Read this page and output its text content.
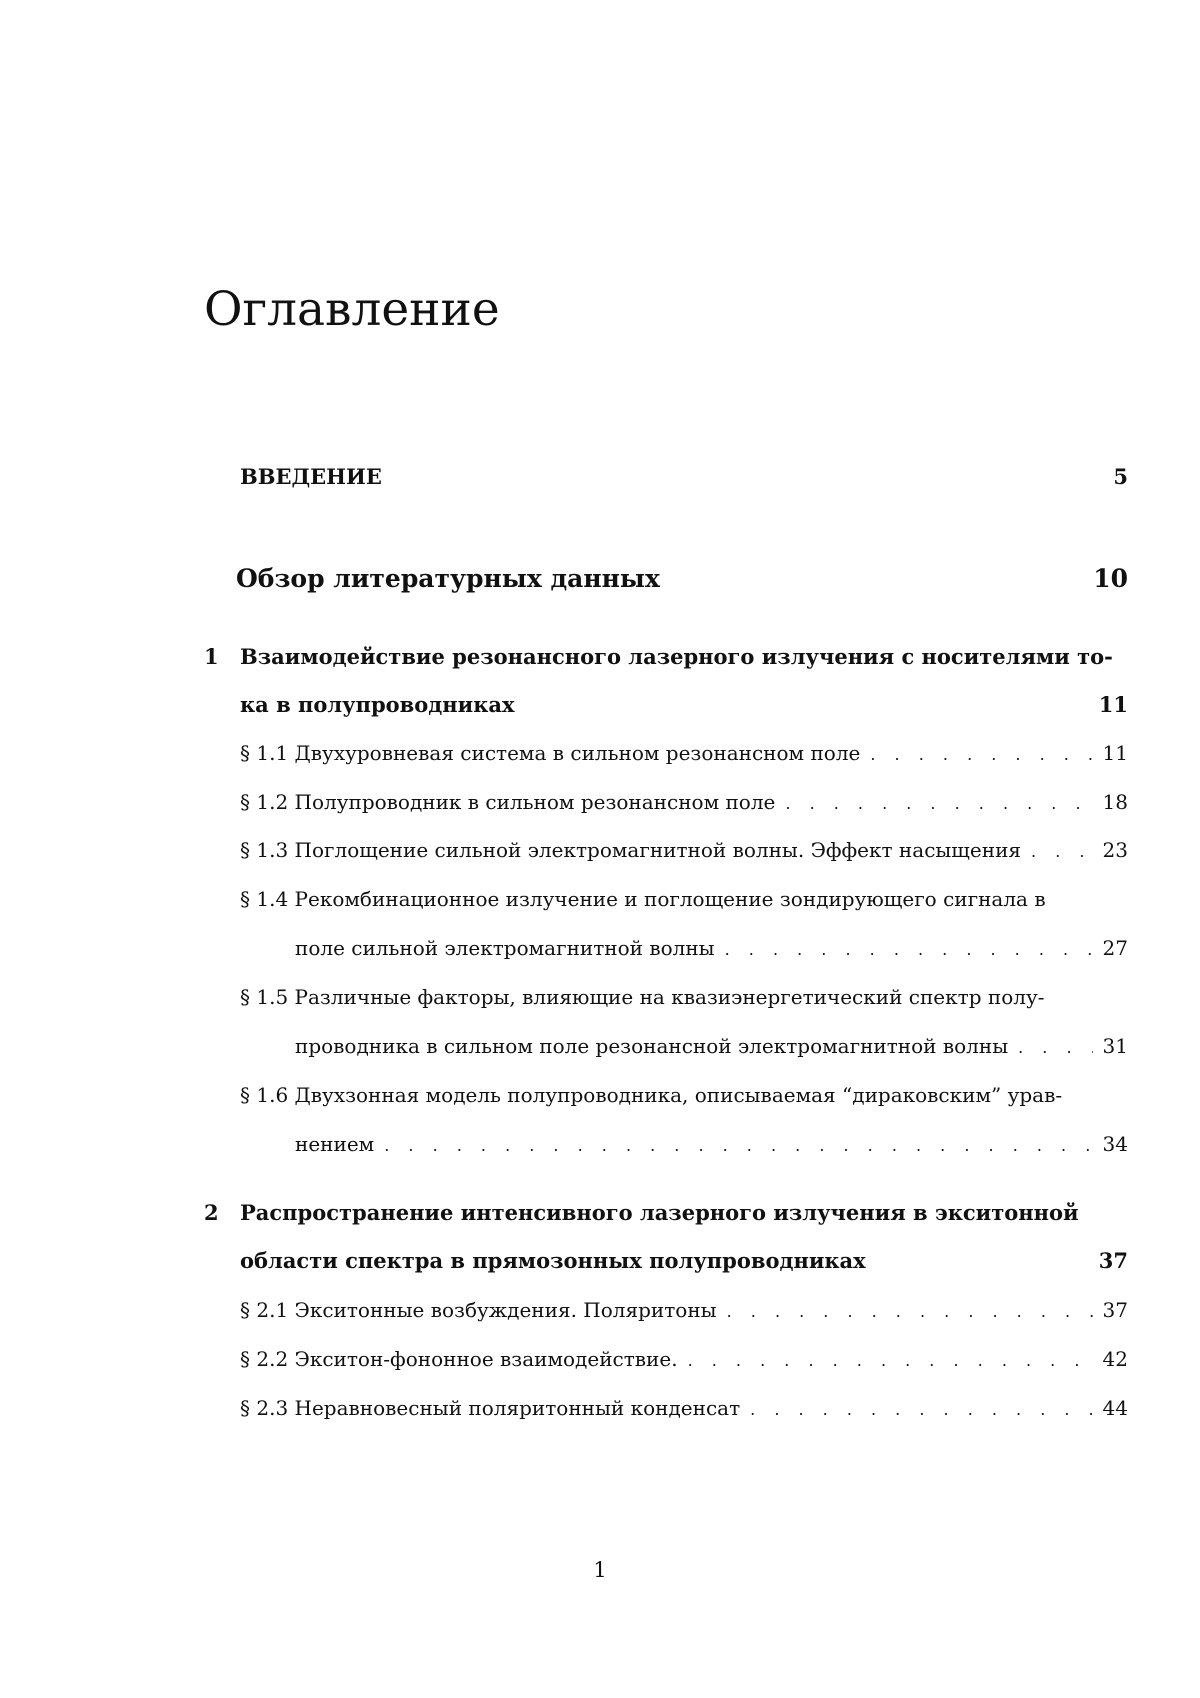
Оглавление
ВВЕДЕНИЕ	5
Обзор литературных данных	10
1 Взаимодействие резонансного лазерного излучения с носителями то-
ка в полупроводниках	11
§ 1.1 Двухуровневая система в сильном резонансном поле . . .	11
§ 1.2 Полупроводник в сильном резонансном поле . . .	18
§ 1.3 Поглощение сильной электромагнитной волны. Эффект насыщения . . .	23
§ 1.4 Рекомбинационное излучение и поглощение зондирующего сигнала в
поле сильной электромагнитной волны . . .	27
§ 1.5 Различные факторы, влияющие на квазиэнергетический спектр полу-
проводника в сильном поле резонансной электромагнитной волны . . .	31
§ 1.6 Двухзонная модель полупроводника, описываемая “дираковским” урав-
нением . . .	34
2 Распространение интенсивного лазерного излучения в экситонной
области спектра в прямозонных полупроводниках	37
§ 2.1 Экситонные возбуждения. Поляритоны . . .	37
§ 2.2 Экситон-фононное взаимодействие. . . .	42
§ 2.3 Неравновесный поляритонный конденсат . . .	44
1
